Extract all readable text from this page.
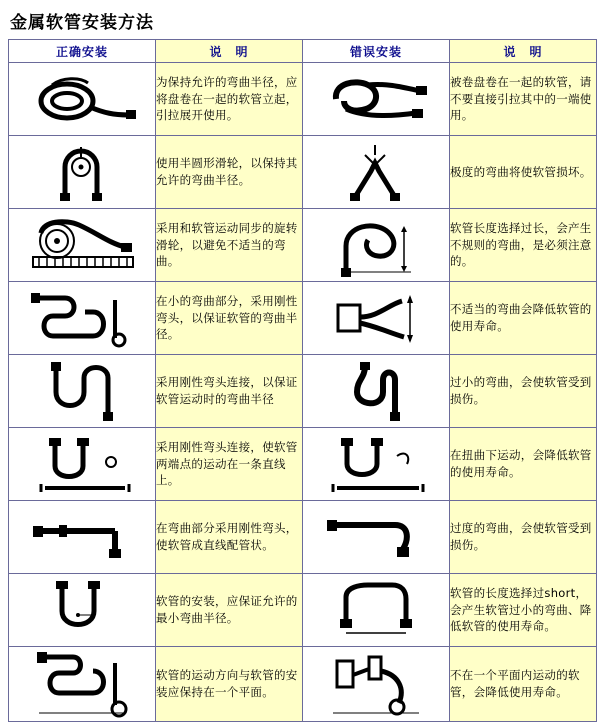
金属软管安装方法
正确安装	说　明	错误安装	说　明

	为保持允许的弯曲半径，应将盘卷在一起的软管立起，引拉展开使用。		被卷盘卷在一起的软管，请不要直接引拉其中的一端使用。

	使用半圆形滑轮，以保持其允许的弯曲半径。		极度的弯曲将使软管损坏。

	采用和软管运动同步的旋转滑轮，以避免不适当的弯曲。		软管长度选择过长，会产生不规则的弯曲，是必须注意的。

	在小的弯曲部分，采用刚性弯头，以保证软管的弯曲半径。		不适当的弯曲会降低软管的使用寿命。

	采用刚性弯头连接，以保证软管运动时的弯曲半径		过小的弯曲，会使软管受到损伤。

	采用刚性弯头连接，使软管两端点的运动在一条直线上。		在扭曲下运动，会降低软管的使用寿命。

	在弯曲部分采用刚性弯头，使软管成直线配管状。		过度的弯曲，会使软管受到损伤。

	软管的安装，应保证允许的最小弯曲半径。		软管的长度选择过short，会产生软管过小的弯曲、降低软管的使用寿命。

	软管的运动方向与软管的安装应保持在一个平面。		不在一个平面内运动的软管，会降低使用寿命。
